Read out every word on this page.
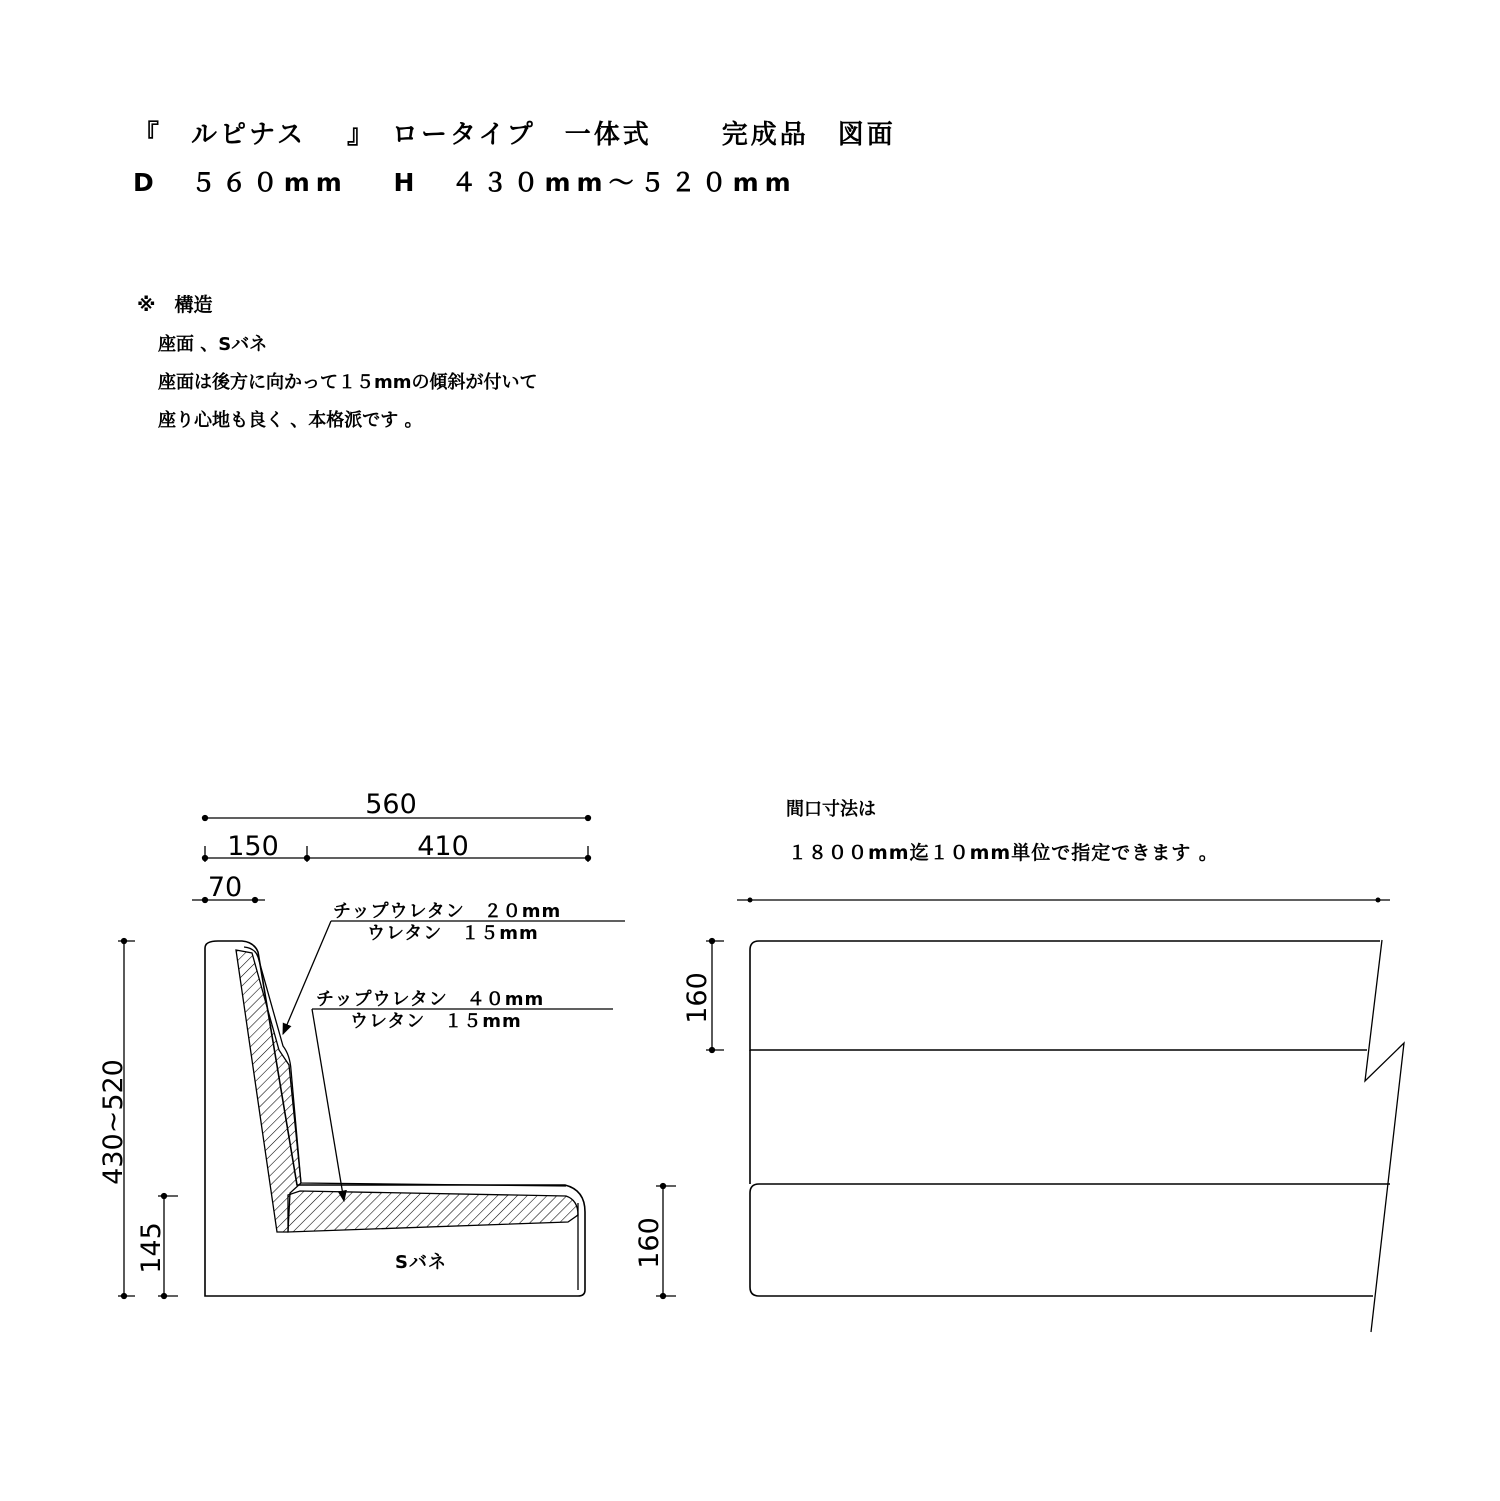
『　ルピナス　 』　ロータイプ　一体式　　 完成品　図面
D　５６０mm　 H　４３０mm～５２０mm
※　構造
座面 、Sバネ
座面は後方に向かって１５mmの傾斜が付いて
座り心地も良く 、本格派です 。
間口寸法は
１８００mm迄１０mm単位で指定できます 。
560
150	410
70
430~520
145
チップウレタン　２０mm
ウレタン　１５mm
チップウレタン　４０mm
ウレタン　１５mm
Sバネ
160
160
